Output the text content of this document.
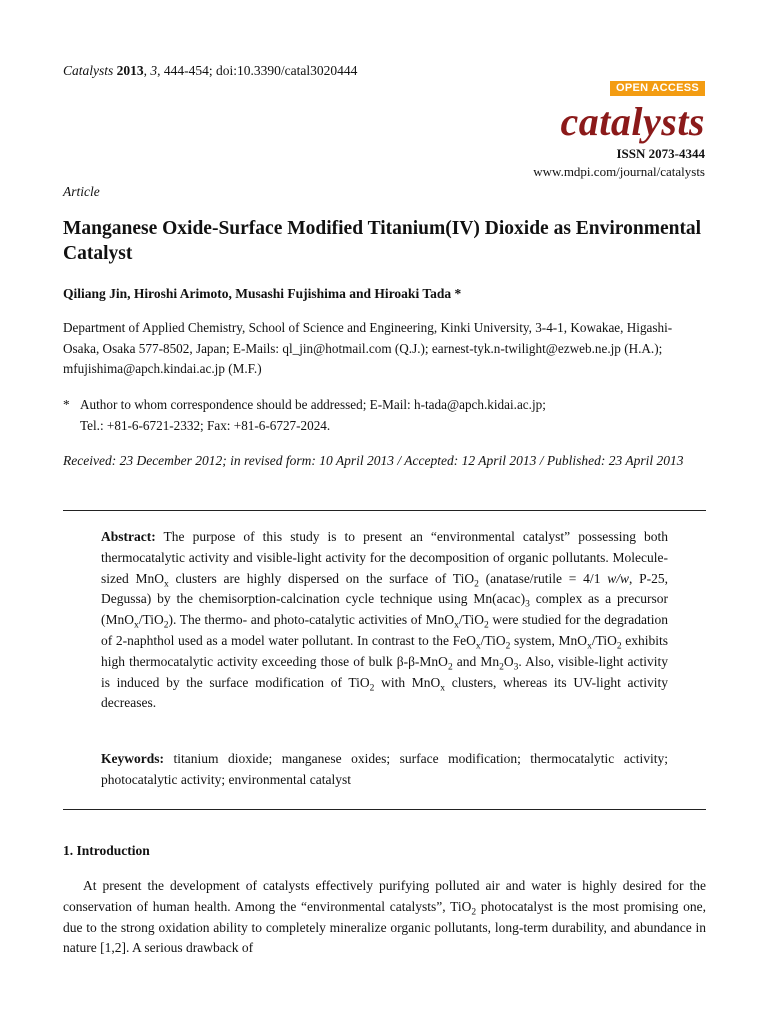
Catalysts 2013, 3, 444-454; doi:10.3390/catal3020444
OPEN ACCESS
catalysts
ISSN 2073-4344
www.mdpi.com/journal/catalysts
Article
Manganese Oxide-Surface Modified Titanium(IV) Dioxide as Environmental Catalyst
Qiliang Jin, Hiroshi Arimoto, Musashi Fujishima and Hiroaki Tada *
Department of Applied Chemistry, School of Science and Engineering, Kinki University, 3-4-1, Kowakae, Higashi-Osaka, Osaka 577-8502, Japan; E-Mails: ql_jin@hotmail.com (Q.J.); earnest-tyk.n-twilight@ezweb.ne.jp (H.A.); mfujishima@apch.kindai.ac.jp (M.F.)
* Author to whom correspondence should be addressed; E-Mail: h-tada@apch.kidai.ac.jp;
Tel.: +81-6-6721-2332; Fax: +81-6-6727-2024.
Received: 23 December 2012; in revised form: 10 April 2013 / Accepted: 12 April 2013 / Published: 23 April 2013
Abstract: The purpose of this study is to present an “environmental catalyst” possessing both thermocatalytic activity and visible-light activity for the decomposition of organic pollutants. Molecule-sized MnO$_x$ clusters are highly dispersed on the surface of TiO$_2$ (anatase/rutile = 4/1 w/w, P-25, Degussa) by the chemisorption-calcination cycle technique using $Mn(acac)_3$ complex as a precursor (MnO$_x$/TiO$_2$). The thermo- and photo-catalytic activities of MnO$_x$/TiO$_2$ were studied for the degradation of 2-naphthol used as a model water pollutant. In contrast to the FeO$_x$/TiO$_2$ system, MnO$_x$/TiO$_2$ exhibits high thermocatalytic activity exceeding those of bulk β-β-MnO$_2$ and $Mn_2O_3$. Also, visible-light activity is induced by the surface modification of TiO$_2$ with MnO$_x$ clusters, whereas its UV-light activity decreases.
Keywords: titanium dioxide; manganese oxides; surface modification; thermocatalytic activity; photocatalytic activity; environmental catalyst
1. Introduction
At present the development of catalysts effectively purifying polluted air and water is highly desired for the conservation of human health. Among the “environmental catalysts”, TiO$_2$ photocatalyst is the most promising one, due to the strong oxidation ability to completely mineralize organic pollutants, long-term durability, and abundance in nature [1,2]. A serious drawback of
